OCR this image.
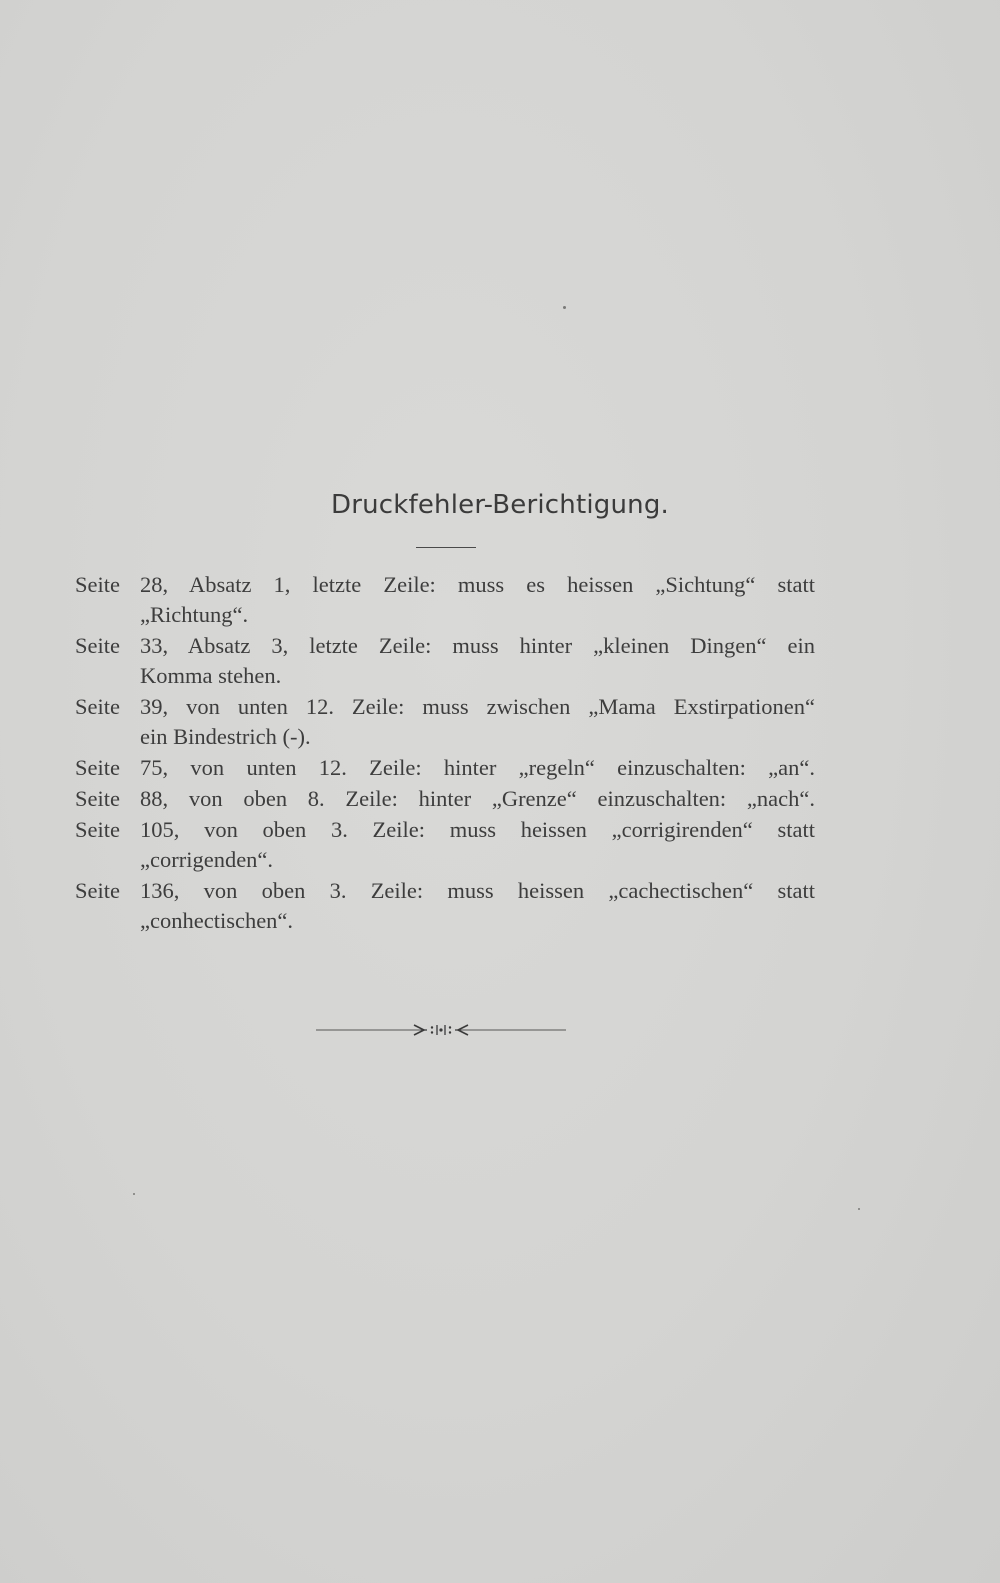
Druckfehler-Berichtigung.
Seite 28, Absatz 1, letzte Zeile: muss es heissen „Sichtung“ statt
„Richtung“.
Seite 33, Absatz 3, letzte Zeile: muss hinter „kleinen Dingen“ ein
Komma stehen.
Seite 39, von unten 12. Zeile: muss zwischen „Mama Exstirpationen“
ein Bindestrich (-).
Seite 75, von unten 12. Zeile: hinter „regeln“ einzuschalten: „an“.
Seite 88, von oben 8. Zeile: hinter „Grenze“ einzuschalten: „nach“.
Seite 105, von oben 3. Zeile: muss heissen „corrigirenden“ statt
„corrigenden“.
Seite 136, von oben 3. Zeile: muss heissen „cachectischen“ statt
„conhectischen“.
